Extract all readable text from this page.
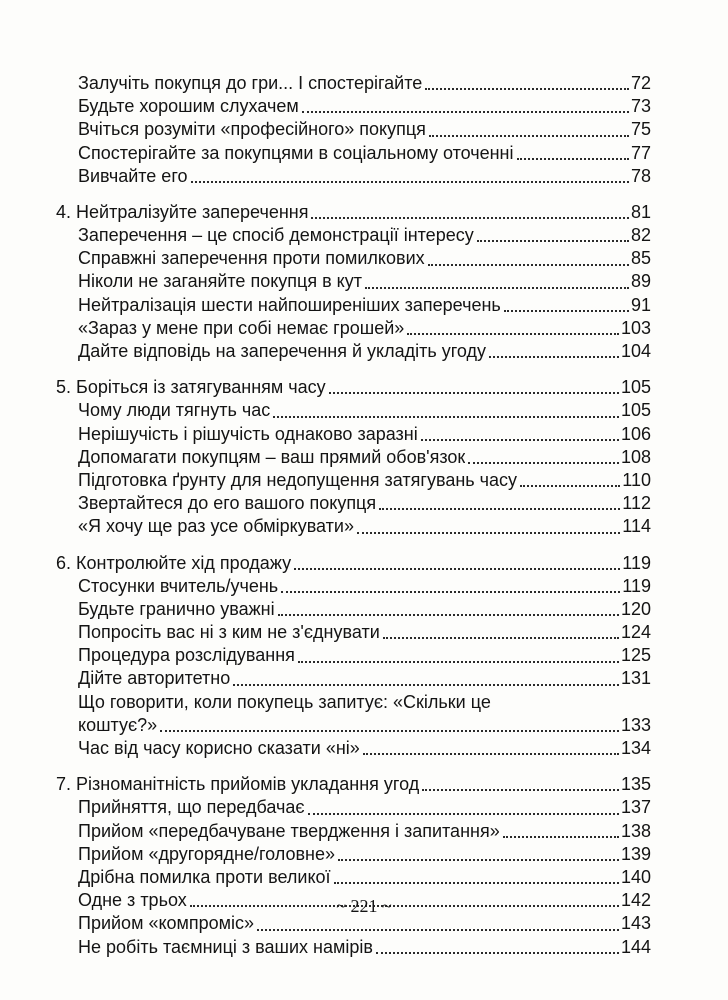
Залучіть покупця до гри... І спостерігайте	72
Будьте хорошим слухачем	73
Вчіться розуміти «професійного» покупця	75
Спостерігайте за покупцями в соціальному оточенні	77
Вивчайте его	78
4. Нейтралізуйте заперечення	81
Заперечення – це спосіб демонстрації інтересу	82
Справжні заперечення проти помилкових	85
Ніколи не заганяйте покупця в кут	89
Нейтралізація шести найпоширеніших заперечень	91
«Зараз у мене при собі немає грошей»	103
Дайте відповідь на заперечення й укладіть угоду	104
5. Боріться із затягуванням часу	105
Чому люди тягнуть час	105
Нерішучість і рішучість однаково заразні	106
Допомагати покупцям – ваш прямий обов'язок	108
Підготовка ґрунту для недопущення затягувань часу	110
Звертайтеся до его вашого покупця	112
«Я хочу ще раз усе обміркувати»	114
6. Контролюйте хід продажу	119
Стосунки вчитель/учень	119
Будьте гранично уважні	120
Попросіть вас ні з ким не з'єднувати	124
Процедура розслідування	125
Дійте авторитетно	131
Що говорити, коли покупець запитує: «Скільки це
коштує?»	133
Час від часу корисно сказати «ні»	134
7. Різноманітність прийомів укладання угод	135
Прийняття, що передбачає	137
Прийом «передбачуване твердження і запитання»	138
Прийом «другорядне/головне»	139
Дрібна помилка проти великої	140
Одне з трьох	142
Прийом «компроміс»	143
Не робіть таємниці з ваших намірів	144
~ 221 ~
